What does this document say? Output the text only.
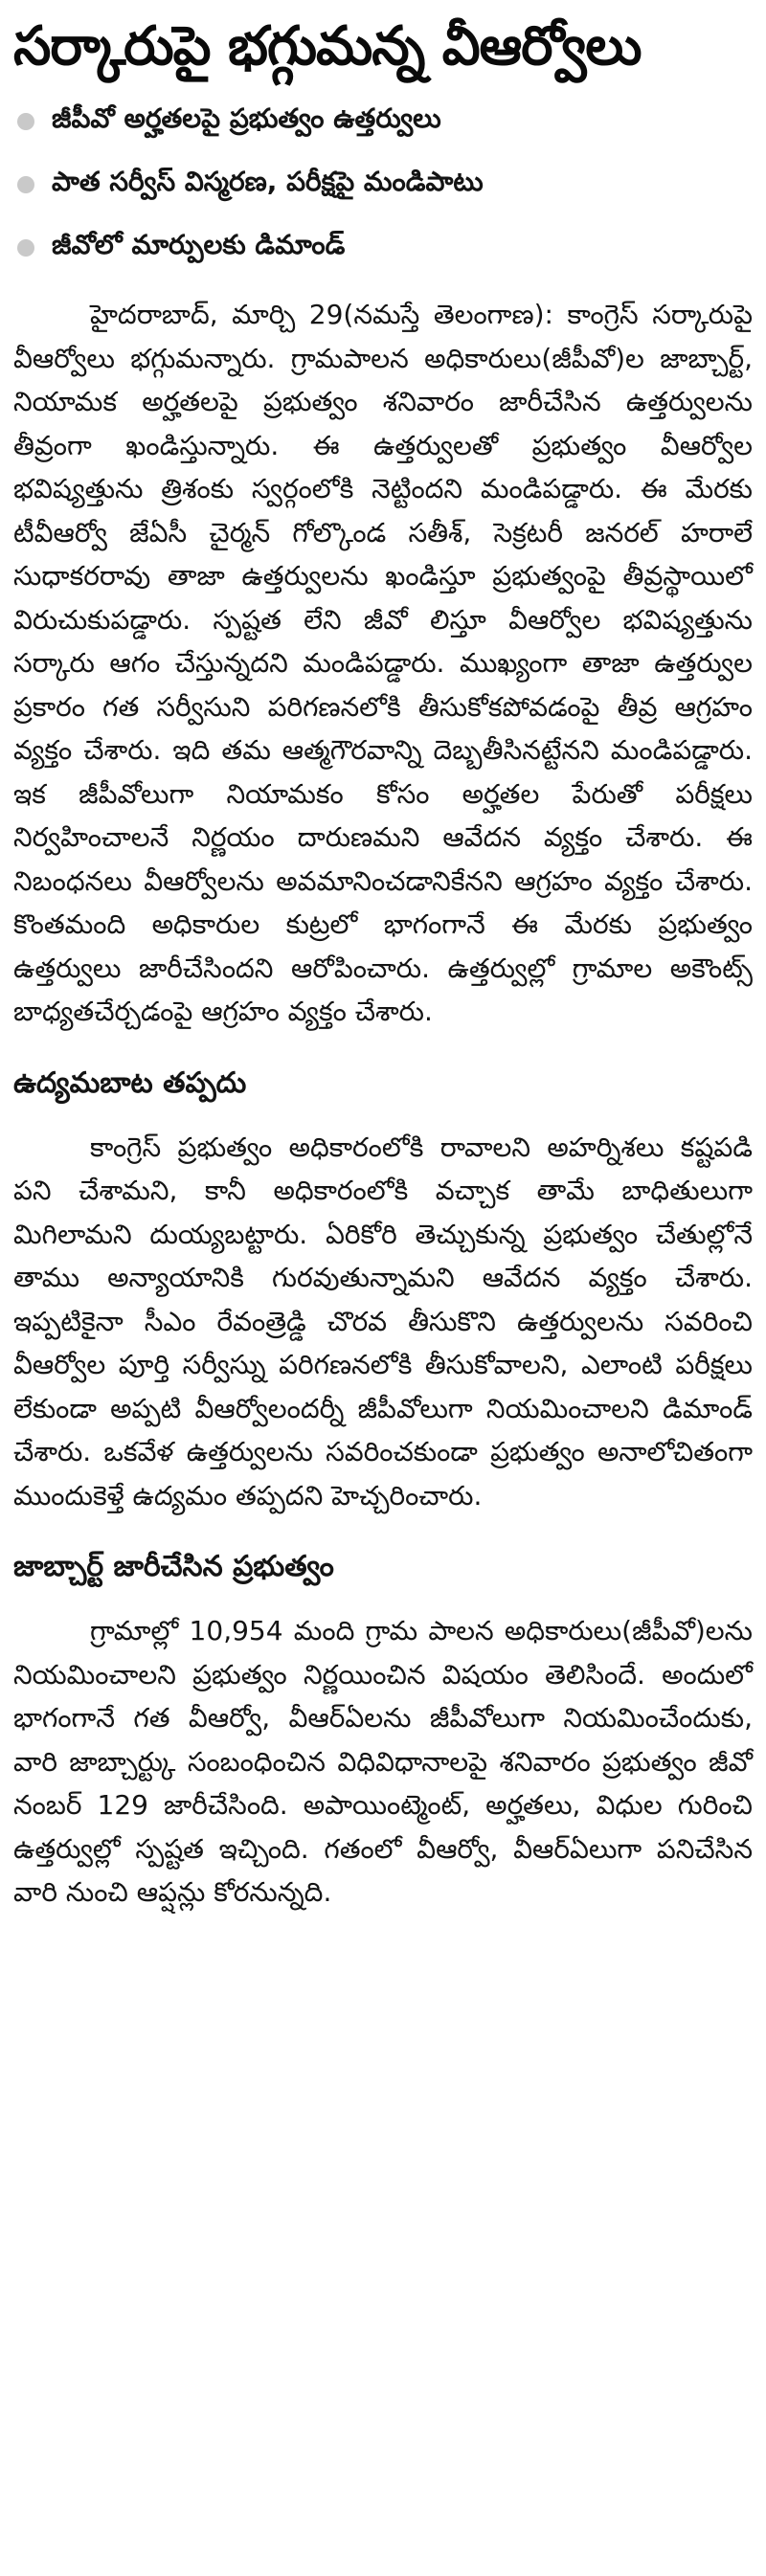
సర్కారుపై భగ్గుమన్న వీఆర్వోలు
జీపీవో అర్హతలపై ప్రభుత్వం ఉత్తర్వులు
పాత సర్వీస్ విస్మరణ, పరీక్షపై మండిపాటు
జీవోలో మార్పులకు డిమాండ్

హైదరాబాద్, మార్చి 29(నమస్తే తెలంగాణ): కాంగ్రెస్ సర్కారుపై వీఆర్వోలు భగ్గుమన్నారు. గ్రామపాలన అధికారులు(జీపీవో)ల జాబ్చార్ట్, నియామక అర్హతలపై ప్రభుత్వం శనివారం జారీచేసిన ఉత్తర్వులను తీవ్రంగా ఖండిస్తున్నారు. ఈ ఉత్తర్వులతో ప్రభుత్వం వీఆర్వోల భవిష్యత్తును త్రిశంకు స్వర్గంలోకి నెట్టిందని మండిపడ్డారు. ఈ మేరకు టీవీఆర్వో జేఏసీ చైర్మన్ గోల్కొండ సతీశ్, సెక్రటరీ జనరల్ హరాలే సుధాకరరావు తాజా ఉత్తర్వులను ఖండిస్తూ ప్రభుత్వంపై తీవ్రస్థాయిలో విరుచుకుపడ్డారు. స్పష్టత లేని జీవో లిస్తూ వీఆర్వోల భవిష్యత్తును సర్కారు ఆగం చేస్తున్నదని మండిపడ్డారు. ముఖ్యంగా తాజా ఉత్తర్వుల ప్రకారం గత సర్వీసుని పరిగణనలోకి తీసుకోకపోవడంపై తీవ్ర ఆగ్రహం వ్యక్తం చేశారు. ఇది తమ ఆత్మగౌరవాన్ని దెబ్బతీసినట్టేనని మండిపడ్డారు. ఇక జీపీవోలుగా నియామకం కోసం అర్హతల పేరుతో పరీక్షలు నిర్వహించాలనే నిర్ణయం దారుణమని ఆవేదన వ్యక్తం చేశారు. ఈ నిబంధనలు వీఆర్వోలను అవమానించడానికేనని ఆగ్రహం వ్యక్తం చేశారు. కొంతమంది అధికారుల కుట్రలో భాగంగానే ఈ మేరకు ప్రభుత్వం ఉత్తర్వులు జారీచేసిందని ఆరోపించారు. ఉత్తర్వుల్లో గ్రామాల అకౌంట్స్ బాధ్యతచేర్చడంపై ఆగ్రహం వ్యక్తం చేశారు.

ఉద్యమబాట తప్పదు

కాంగ్రెస్ ప్రభుత్వం అధికారంలోకి రావాలని అహర్నిశలు కష్టపడి పని చేశామని, కానీ అధికారంలోకి వచ్చాక తామే బాధితులుగా మిగిలామని దుయ్యబట్టారు. ఏరికోరి తెచ్చుకున్న ప్రభుత్వం చేతుల్లోనే తాము అన్యాయానికి గురవుతున్నామని ఆవేదన వ్యక్తం చేశారు. ఇప్పటికైనా సీఎం రేవంత్రెడ్డి చొరవ తీసుకొని ఉత్తర్వులను సవరించి వీఆర్వోల పూర్తి సర్వీస్ను పరిగణనలోకి తీసుకోవాలని, ఎలాంటి పరీక్షలు లేకుండా అప్పటి వీఆర్వోలందర్నీ జీపీవోలుగా నియమించాలని డిమాండ్ చేశారు. ఒకవేళ ఉత్తర్వులను సవరించకుండా ప్రభుత్వం అనాలోచితంగా ముందుకెళ్తే ఉద్యమం తప్పదని హెచ్చరించారు.

జాబ్చార్ట్ జారీచేసిన ప్రభుత్వం

గ్రామాల్లో 10,954 మంది గ్రామ పాలన అధికారులు(జీపీవో)లను నియమించాలని ప్రభుత్వం నిర్ణయించిన విషయం తెలిసిందే. అందులో భాగంగానే గత వీఆర్వో, వీఆర్ఏలను జీపీవోలుగా నియమించేందుకు, వారి జాబ్చార్ట్కు సంబంధించిన విధివిధానాలపై శనివారం ప్రభుత్వం జీవో నంబర్ 129 జారీచేసింది. అపాయింట్మెంట్, అర్హతలు, విధుల గురించి ఉత్తర్వుల్లో స్పష్టత ఇచ్చింది. గతంలో వీఆర్వో, వీఆర్ఏలుగా పనిచేసిన వారి నుంచి ఆప్షన్లు కోరనున్నది.
